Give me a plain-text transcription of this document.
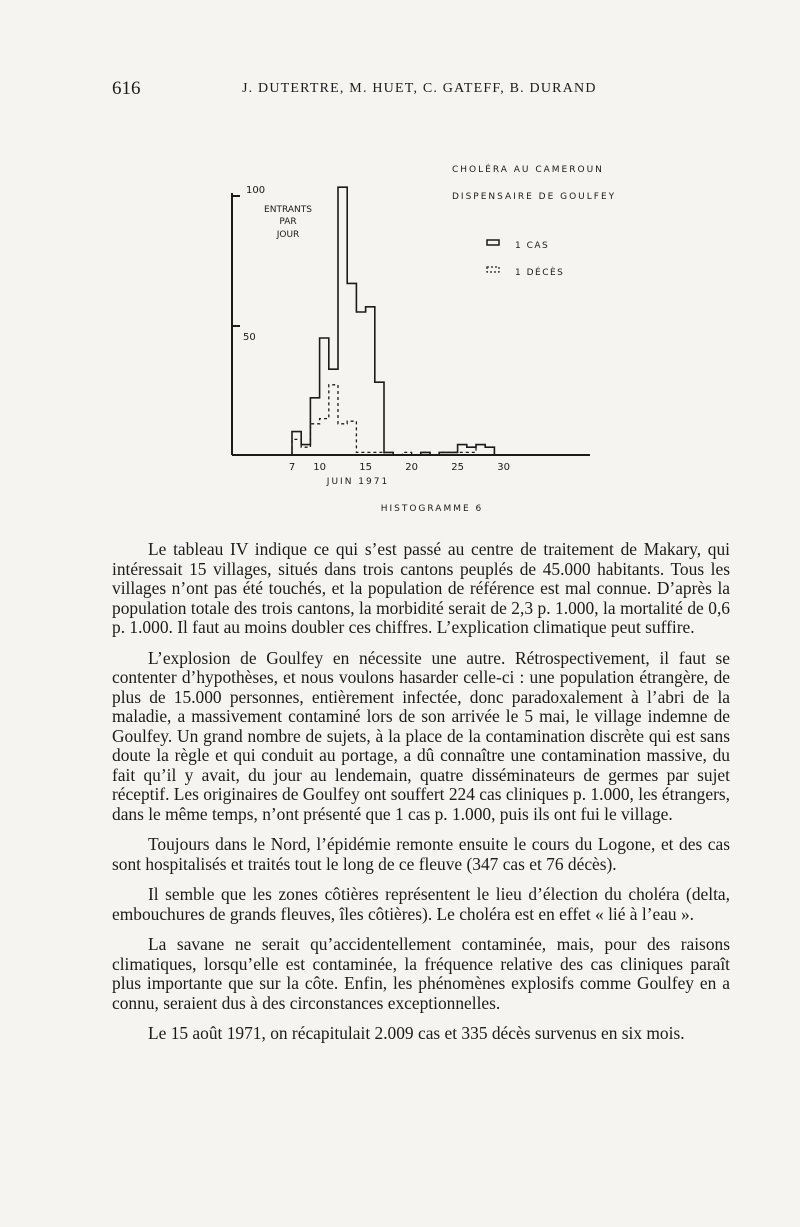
616	J. DUTERTRE, M. HUET, C. GATEFF, B. DURAND
100
50
ENTRANTS
PAR
JOUR
7 10	15	20	25	30
JUIN 1971
HISTOGRAMME 6
CHOLÉRA AU CAMEROUN
DISPENSAIRE DE GOULFEY
1 CAS
1 DÉCÈS

Le tableau IV indique ce qui s’est passé au centre de traitement de Makary, qui intéressait 15 villages, situés dans trois cantons peuplés de 45.000 habitants. Tous les villages n’ont pas été touchés, et la population de référence est mal connue. D’après la population totale des trois cantons, la morbidité serait de 2,3 p. 1.000, la mortalité de 0,6 p. 1.000. Il faut au moins doubler ces chiffres. L’explication climatique peut suffire.

L’explosion de Goulfey en nécessite une autre. Rétrospectivement, il faut se contenter d’hypothèses, et nous voulons hasarder celle-ci : une population étrangère, de plus de 15.000 personnes, entièrement infectée, donc paradoxalement à l’abri de la maladie, a massivement contaminé lors de son arrivée le 5 mai, le village indemne de Goulfey. Un grand nombre de sujets, à la place de la contamination discrète qui est sans doute la règle et qui conduit au portage, a dû connaître une contamination massive, du fait qu’il y avait, du jour au lendemain, quatre disséminateurs de germes par sujet réceptif. Les originaires de Goulfey ont souffert 224 cas cliniques p. 1.000, les étrangers, dans le même temps, n’ont présenté que 1 cas p. 1.000, puis ils ont fui le village.

Toujours dans le Nord, l’épidémie remonte ensuite le cours du Logone, et des cas sont hospitalisés et traités tout le long de ce fleuve (347 cas et 76 décès).

Il semble que les zones côtières représentent le lieu d’élection du choléra (delta, embouchures de grands fleuves, îles côtières). Le choléra est en effet « lié à l’eau ».

La savane ne serait qu’accidentellement contaminée, mais, pour des raisons climatiques, lorsqu’elle est contaminée, la fréquence relative des cas cliniques paraît plus importante que sur la côte. Enfin, les phénomènes explosifs comme Goulfey en a connu, seraient dus à des circonstances exceptionnelles.

Le 15 août 1971, on récapitulait 2.009 cas et 335 décès survenus en six mois.
